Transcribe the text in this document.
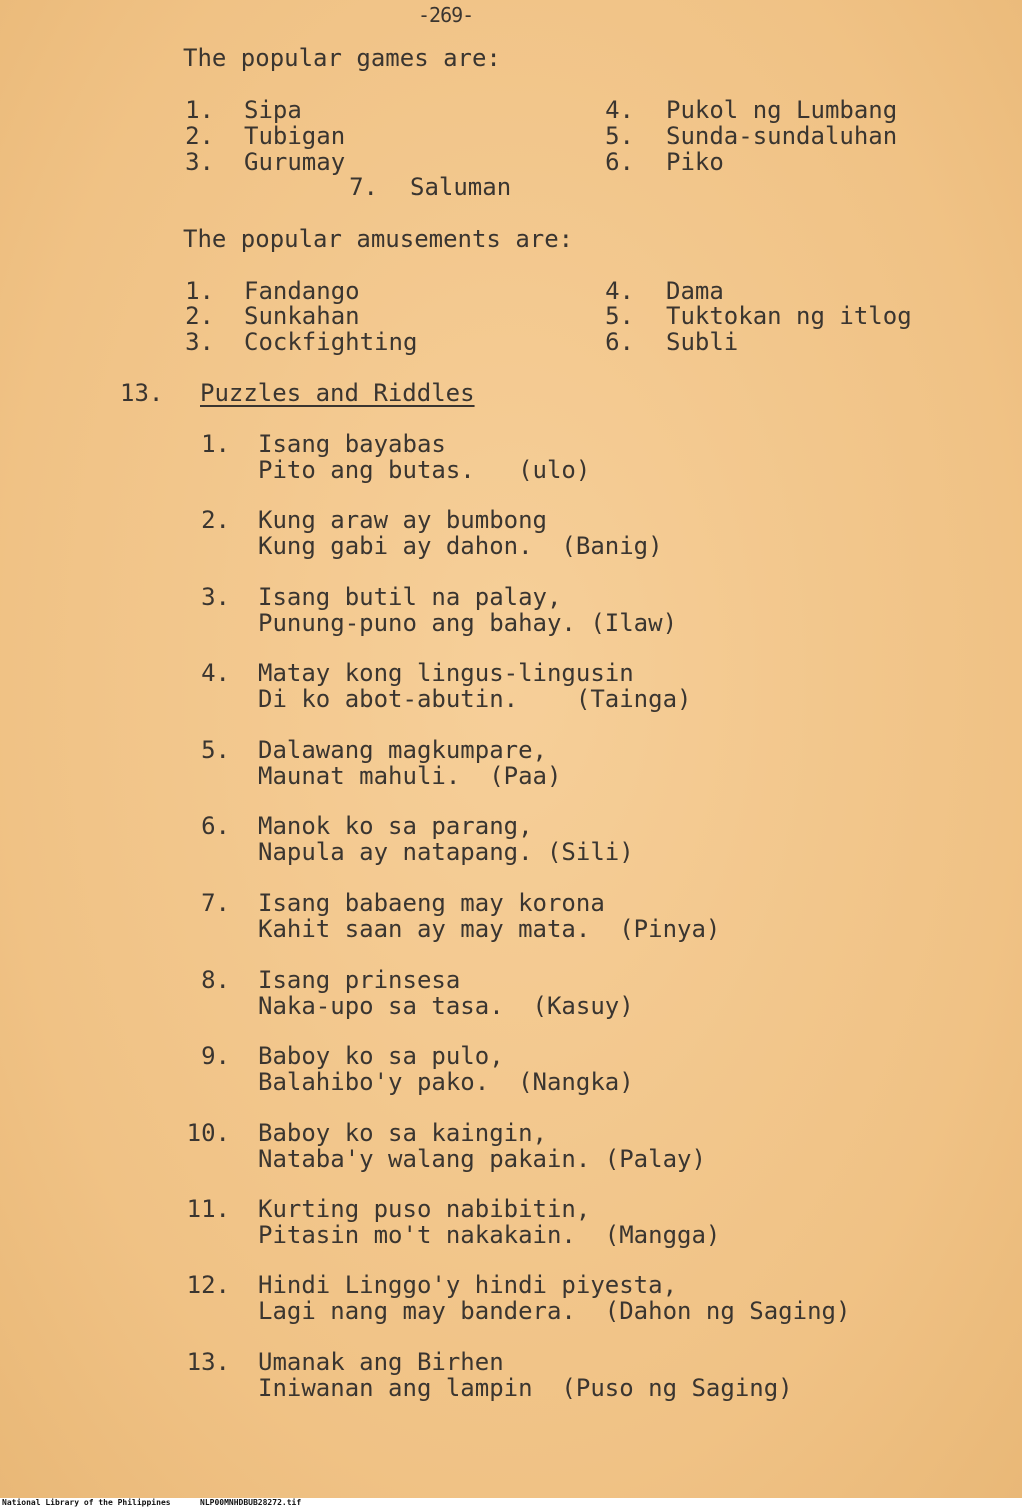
-269-
The popular games are:
1. Sipa
2. Tubigan
3. Gurumay
4. Pukol ng Lumbang
5. Sunda-sundaluhan
6. Piko
7. Saluman
The popular amusements are:
1. Fandango
2. Sunkahan
3. Cockfighting
4. Dama
5. Tuktokan ng itlog
6. Subli
13. Puzzles and Riddles
1. Isang bayabas
Pito ang butas.   (ulo)
2. Kung araw ay bumbong
Kung gabi ay dahon.  (Banig)
3. Isang butil na palay,
Punung-puno ang bahay. (Ilaw)
4. Matay kong lingus-lingusin
Di ko abot-abutin.    (Tainga)
5. Dalawang magkumpare,
Maunat mahuli.  (Paa)
6. Manok ko sa parang,
Napula ay natapang. (Sili)
7. Isang babaeng may korona
Kahit saan ay may mata.  (Pinya)
8. Isang prinsesa
Naka-upo sa tasa.  (Kasuy)
9. Baboy ko sa pulo,
Balahibo'y pako.  (Nangka)
10. Baboy ko sa kaingin,
Nataba'y walang pakain. (Palay)
11. Kurting puso nabibitin,
Pitasin mo't nakakain.  (Mangga)
12. Hindi Linggo'y hindi piyesta,
Lagi nang may bandera.  (Dahon ng Saging)
13. Umanak ang Birhen
Iniwanan ang lampin  (Puso ng Saging)
National Library of the Philippines	NLP00MNHDBUB28272.tif
